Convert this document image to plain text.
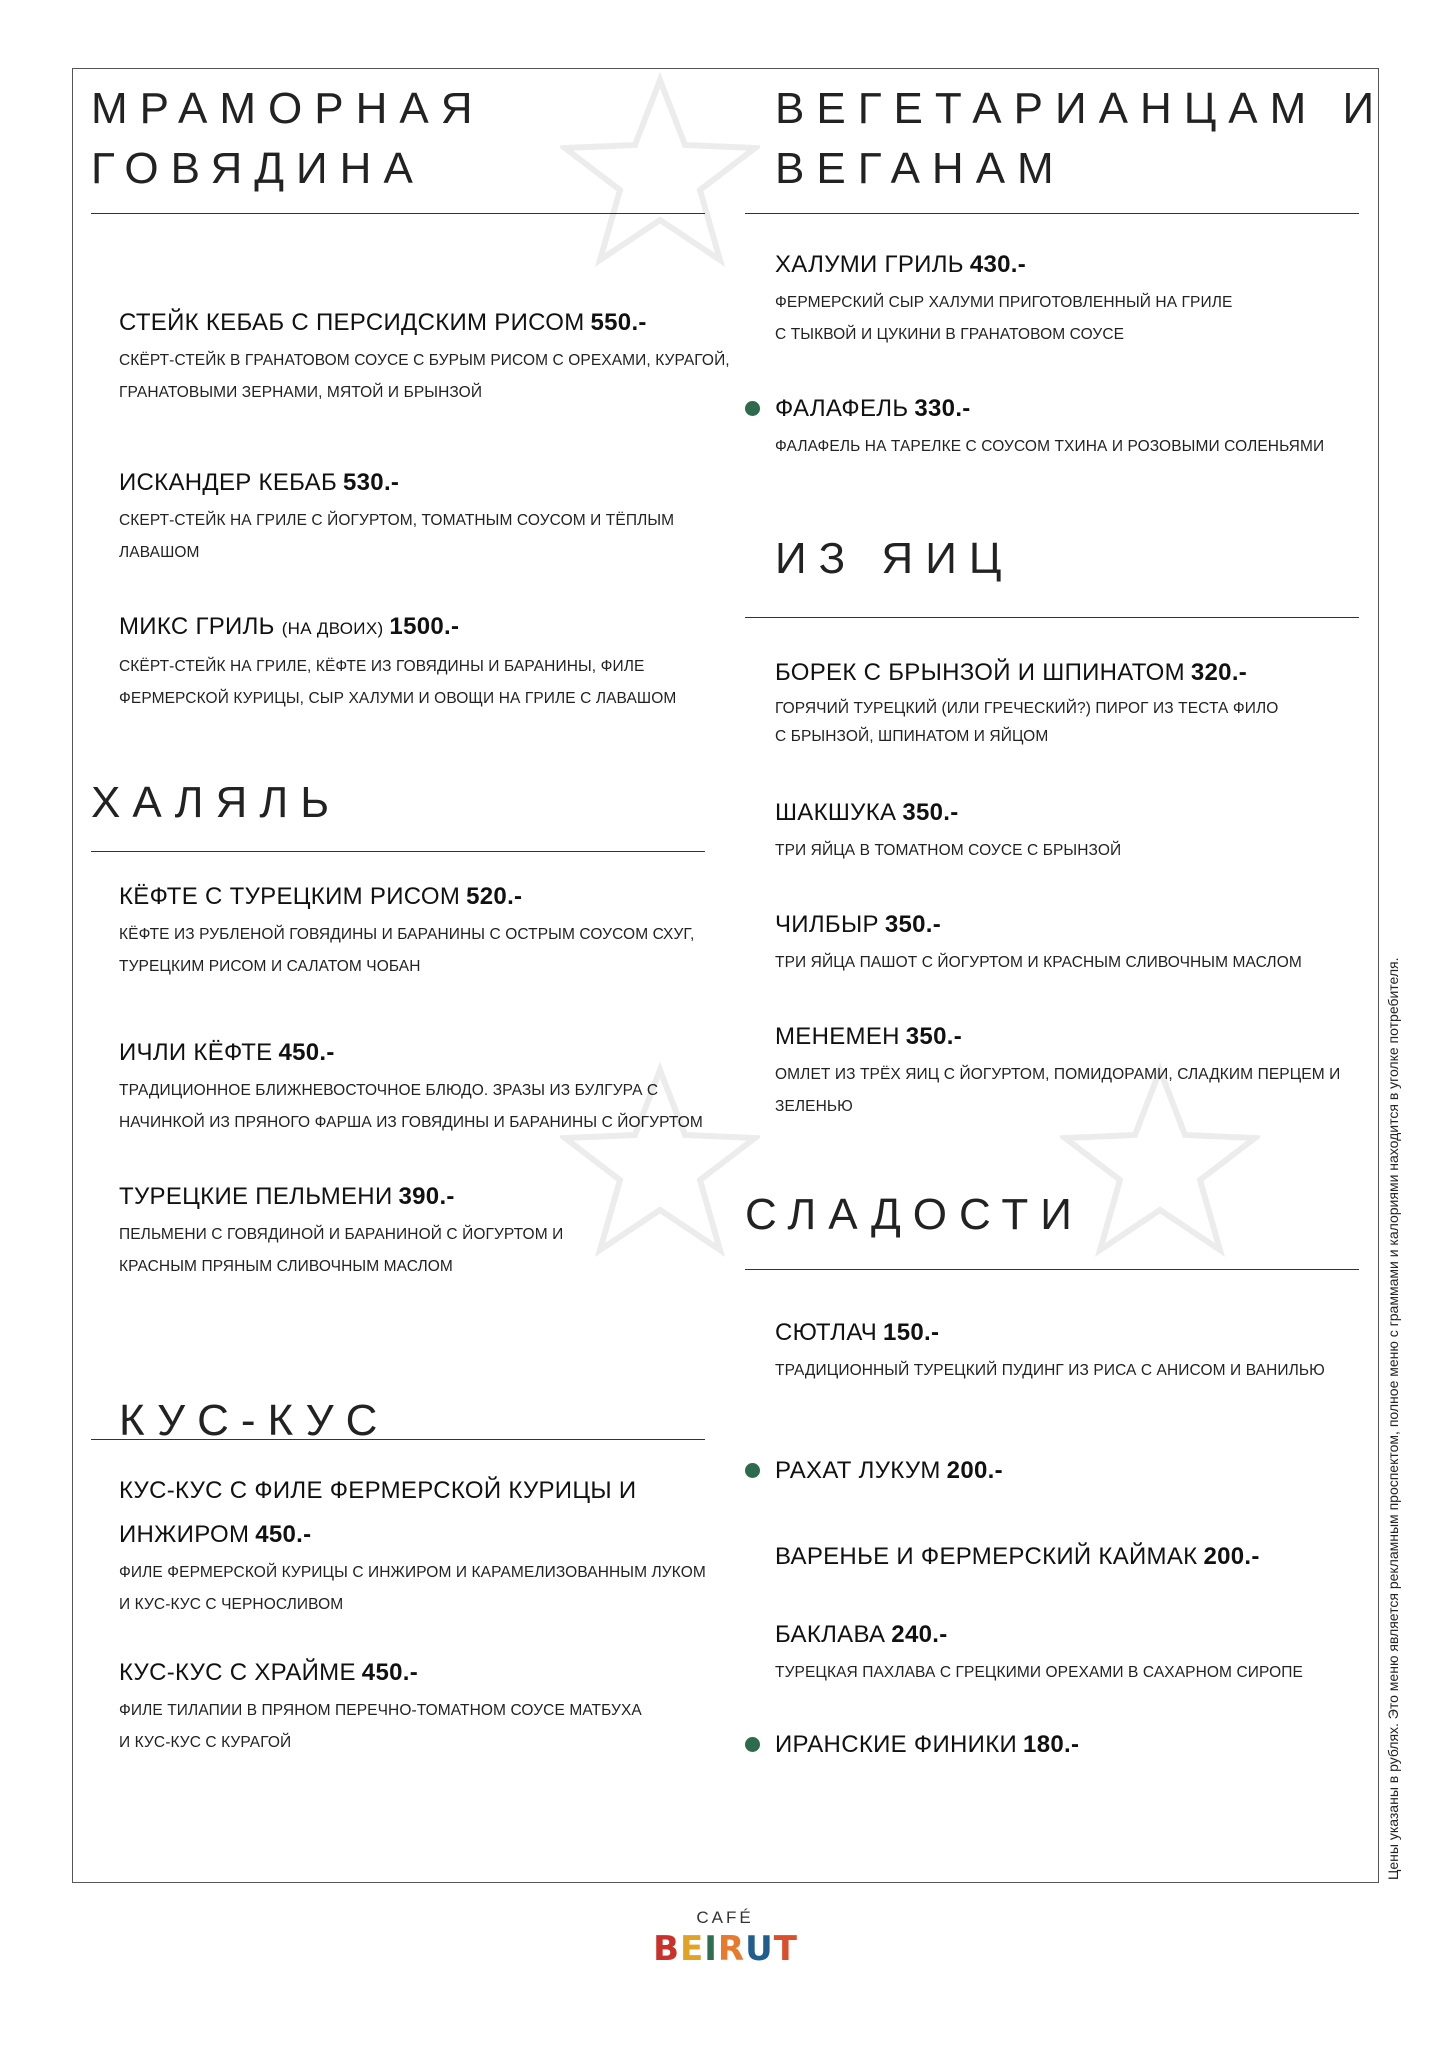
МРАМОРНАЯ
ГОВЯДИНА
СТЕЙК КЕБАБ С ПЕРСИДСКИМ РИСОМ 550.-
СКЁРТ-СТЕЙК В ГРАНАТОВОМ СОУСЕ С БУРЫМ РИСОМ С ОРЕХАМИ, КУРАГОЙ,
ГРАНАТОВЫМИ ЗЕРНАМИ, МЯТОЙ И БРЫНЗОЙ
ИСКАНДЕР КЕБАБ 530.-
СКЕРТ-СТЕЙК НА ГРИЛЕ С ЙОГУРТОМ, ТОМАТНЫМ СОУСОМ И ТЁПЛЫМ
ЛАВАШОМ
МИКС ГРИЛЬ (НА ДВОИХ) 1500.-
СКЁРТ-СТЕЙК НА ГРИЛЕ, КЁФТЕ ИЗ ГОВЯДИНЫ И БАРАНИНЫ, ФИЛЕ
ФЕРМЕРСКОЙ КУРИЦЫ, СЫР ХАЛУМИ И ОВОЩИ НА ГРИЛЕ С ЛАВАШОМ
ХАЛЯЛЬ
КЁФТЕ С ТУРЕЦКИМ РИСОМ 520.-
КЁФТЕ ИЗ РУБЛЕНОЙ ГОВЯДИНЫ И БАРАНИНЫ С ОСТРЫМ СОУСОМ СХУГ,
ТУРЕЦКИМ РИСОМ И САЛАТОМ ЧОБАН
ИЧЛИ КЁФТЕ 450.-
ТРАДИЦИОННОЕ БЛИЖНЕВОСТОЧНОЕ БЛЮДО. ЗРАЗЫ ИЗ БУЛГУРА С
НАЧИНКОЙ ИЗ ПРЯНОГО ФАРША ИЗ ГОВЯДИНЫ И БАРАНИНЫ С ЙОГУРТОМ
ТУРЕЦКИЕ ПЕЛЬМЕНИ 390.-
ПЕЛЬМЕНИ С ГОВЯДИНОЙ И БАРАНИНОЙ С ЙОГУРТОМ И
КРАСНЫМ ПРЯНЫМ СЛИВОЧНЫМ МАСЛОМ
КУС-КУС
КУС-КУС С ФИЛЕ ФЕРМЕРСКОЙ КУРИЦЫ И
ИНЖИРОМ 450.-
ФИЛЕ ФЕРМЕРСКОЙ КУРИЦЫ С ИНЖИРОМ И КАРАМЕЛИЗОВАННЫМ ЛУКОМ
И КУС-КУС С ЧЕРНОСЛИВОМ
КУС-КУС С ХРАЙМЕ 450.-
ФИЛЕ ТИЛАПИИ В ПРЯНОМ ПЕРЕЧНО-ТОМАТНОМ СОУСЕ МАТБУХА
И КУС-КУС С КУРАГОЙ
ВЕГЕТАРИАНЦАМ И
ВЕГАНАМ
ХАЛУМИ ГРИЛЬ 430.-
ФЕРМЕРСКИЙ СЫР ХАЛУМИ ПРИГОТОВЛЕННЫЙ НА ГРИЛЕ
С ТЫКВОЙ И ЦУКИНИ В ГРАНАТОВОМ СОУСЕ
ФАЛАФЕЛЬ 330.-
ФАЛАФЕЛЬ НА ТАРЕЛКЕ С СОУСОМ ТХИНА И РОЗОВЫМИ СОЛЕНЬЯМИ
ИЗ ЯИЦ
БОРЕК С БРЫНЗОЙ И ШПИНАТОМ 320.-
ГОРЯЧИЙ ТУРЕЦКИЙ (ИЛИ ГРЕЧЕСКИЙ?) ПИРОГ ИЗ ТЕСТА ФИЛО
С БРЫНЗОЙ, ШПИНАТОМ И ЯЙЦОМ
ШАКШУКА 350.-
ТРИ ЯЙЦА В ТОМАТНОМ СОУСЕ С БРЫНЗОЙ
ЧИЛБЫР 350.-
ТРИ ЯЙЦА ПАШОТ С ЙОГУРТОМ И КРАСНЫМ СЛИВОЧНЫМ МАСЛОМ
МЕНЕМЕН 350.-
ОМЛЕТ ИЗ ТРЁХ ЯИЦ С ЙОГУРТОМ, ПОМИДОРАМИ, СЛАДКИМ ПЕРЦЕМ И
ЗЕЛЕНЬЮ
СЛАДОСТИ
СЮТЛАЧ 150.-
ТРАДИЦИОННЫЙ ТУРЕЦКИЙ ПУДИНГ ИЗ РИСА С АНИСОМ И ВАНИЛЬЮ
РАХАТ ЛУКУМ 200.-
ВАРЕНЬЕ И ФЕРМЕРСКИЙ КАЙМАК 200.-
БАКЛАВА 240.-
ТУРЕЦКАЯ ПАХЛАВА С ГРЕЦКИМИ ОРЕХАМИ В САХАРНОМ СИРОПЕ
ИРАНСКИЕ ФИНИКИ 180.-	Цены указаны в рублях. Это меню является рекламным проспектом, полное меню с граммами и калориями находится в уголке потребителя.
CAFÉ
B E I R U T
